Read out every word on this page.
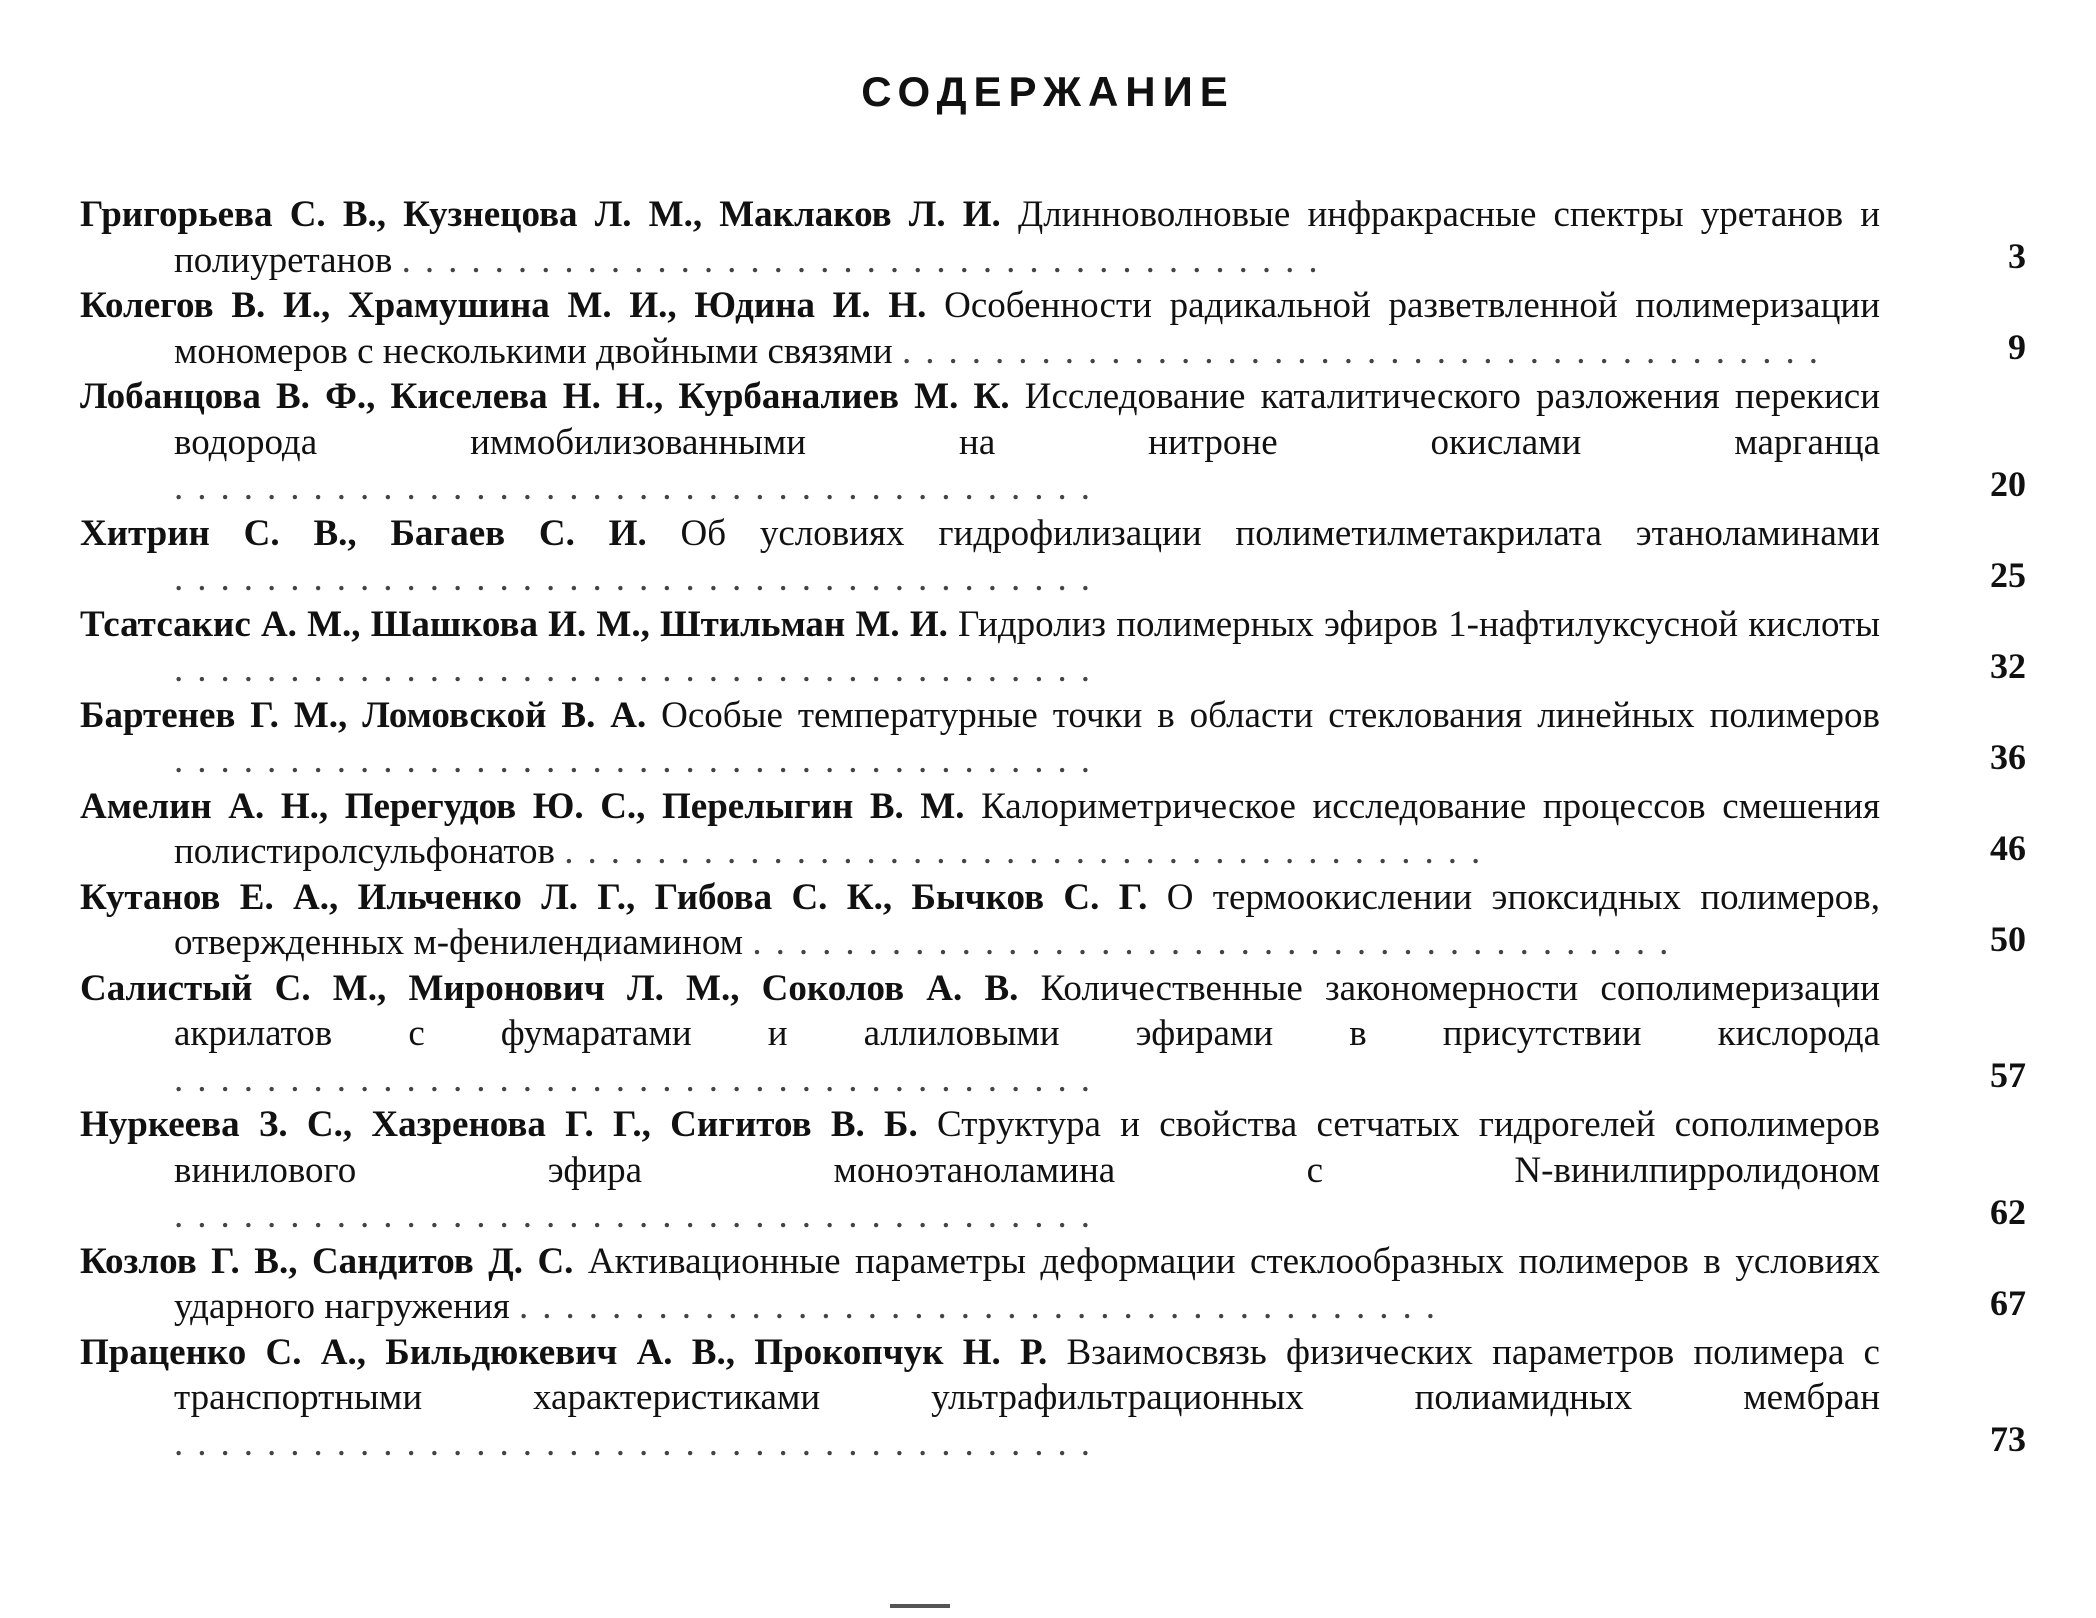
СОДЕРЖАНИЕ
Григорьева С. В., Кузнецова Л. М., Маклаков Л. И. Длинноволновые инфракрасные спектры уретанов и полиуретанов ........................................	3
Колегов В. И., Храмушина М. И., Юдина И. Н. Особенности радикальной разветвленной полимеризации мономеров с несколькими двойными связями ........................................	9
Лобанцова В. Ф., Киселева Н. Н., Курбаналиев М. К. Исследование каталитического разложения перекиси водорода иммобилизованными на нитроне окислами марганца ........................................	20
Хитрин С. В., Багаев С. И. Об условиях гидрофилизации полиметилметакрилата этаноламинами ........................................	25
Тсатсакис А. М., Шашкова И. М., Штильман М. И. Гидролиз полимерных эфиров 1-нафтилуксусной кислоты ........................................	32
Бартенев Г. М., Ломовской В. А. Особые температурные точки в области стеклования линейных полимеров ........................................	36
Амелин А. Н., Перегудов Ю. С., Перелыгин В. М. Калориметрическое исследование процессов смешения полистиролсульфонатов ........................................	46
Кутанов Е. А., Ильченко Л. Г., Гибова С. К., Бычков С. Г. О термоокислении эпоксидных полимеров, отвержденных м-фенилендиамином ........................................	50
Салистый С. М., Миронович Л. М., Соколов А. В. Количественные закономерности сополимеризации акрилатов с фумаратами и аллиловыми эфирами в присутствии кислорода ........................................	57
Нуркеева З. С., Хазренова Г. Г., Сигитов В. Б. Структура и свойства сетчатых гидрогелей сополимеров винилового эфира моноэтаноламина с N-винилпирролидоном ........................................	62
Козлов Г. В., Сандитов Д. С. Активационные параметры деформации стеклообразных полимеров в условиях ударного нагружения ........................................	67
Праценко С. А., Бильдюкевич А. В., Прокопчук Н. Р. Взаимосвязь физических параметров полимера с транспортными характеристиками ультрафильтрационных полиамидных мембран ........................................	73
